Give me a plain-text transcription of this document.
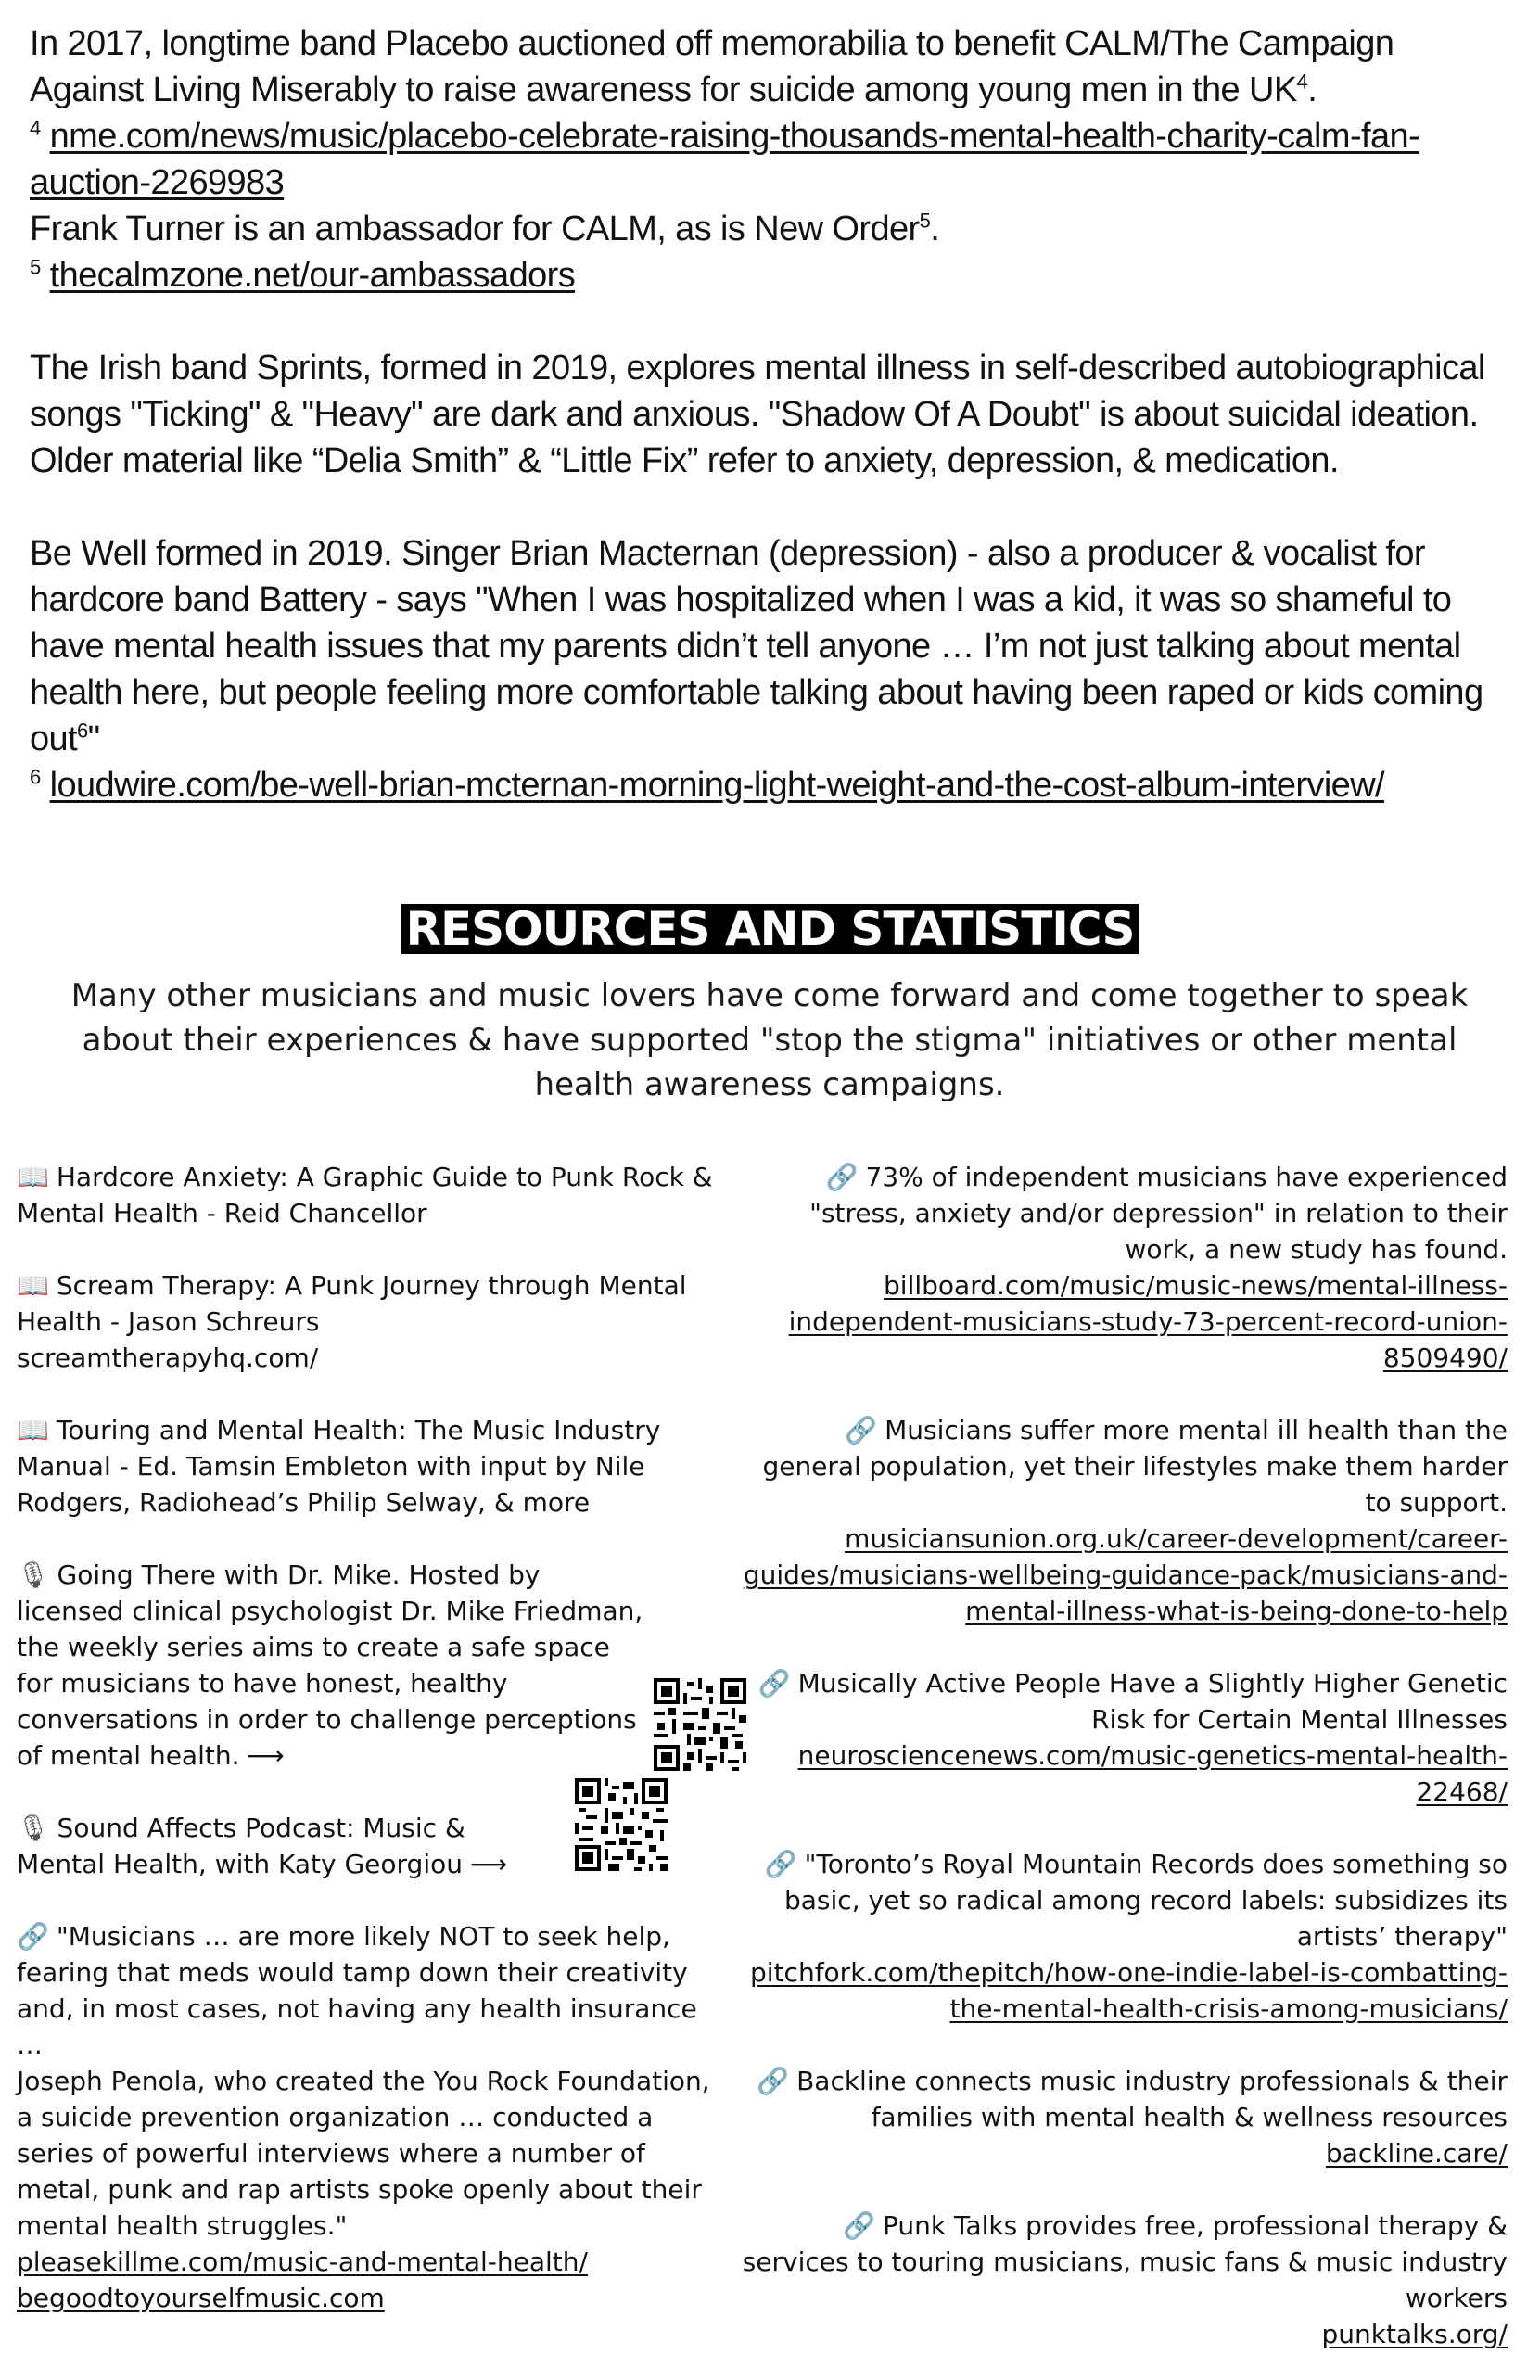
In 2017, longtime band Placebo auctioned off memorabilia to benefit CALM/The Campaign Against Living Miserably to raise awareness for suicide among young men in the $UK^4$.

$^4$ nme.com/news/music/placebo-celebrate-raising-thousands-mental-health-charity-calm-fan-auction-2269983

Frank Turner is an ambassador for CALM, as is New Order$^5$.

$^5$ thecalmzone.net/our-ambassadors

The Irish band Sprints, formed in 2019, explores mental illness in self-described autobiographical songs "Ticking" & "Heavy" are dark and anxious. "Shadow Of A Doubt" is about suicidal ideation. Older material like “Delia Smith” & “Little Fix” refer to anxiety, depression, & medication.

Be Well formed in 2019. Singer Brian Macternan (depression) - also a producer & vocalist for hardcore band Battery - says "When I was hospitalized when I was a kid, it was so shameful to have mental health issues that my parents didn’t tell anyone … I’m not just talking about mental health here, but people feeling more comfortable talking about having been raped or kids coming out$^6$"

$^6$ loudwire.com/be-well-brian-mcternan-morning-light-weight-and-the-cost-album-interview/

RESOURCES AND STATISTICS
Many other musicians and music lovers have come forward and come together to speak about their experiences & have supported "stop the stigma" initiatives or other mental health awareness campaigns.

📖 Hardcore Anxiety: A Graphic Guide to Punk Rock & Mental Health - Reid Chancellor

📖 Scream Therapy: A Punk Journey through Mental Health - Jason Schreurs
screamtherapyhq.com/

📖 Touring and Mental Health: The Music Industry Manual - Ed. Tamsin Embleton with input by Nile Rodgers, Radiohead’s Philip Selway, & more

🎙 Going There with Dr. Mike. Hosted by licensed clinical psychologist Dr. Mike Friedman, the weekly series aims to create a safe space for musicians to have honest, healthy conversations in order to challenge perceptions of mental health. ⟶

🎙 Sound Affects Podcast: Music & Mental Health, with Katy Georgiou ⟶

🔗 "Musicians … are more likely NOT to seek help, fearing that meds would tamp down their creativity and, in most cases, not having any health insurance …

Joseph Penola, who created the You Rock Foundation, a suicide prevention organization … conducted a series of powerful interviews where a number of metal, punk and rap artists spoke openly about their mental health struggles."

pleasekillme.com/music-and-mental-health/

begoodtoyourselfmusic.com

🔗 73% of independent musicians have experienced "stress, anxiety and/or depression" in relation to their work, a new study has found.

billboard.com/music/music-news/mental-illness-independent-musicians-study-73-percent-record-union-8509490/

🔗 Musicians suffer more mental ill health than the general population, yet their lifestyles make them harder to support.

musiciansunion.org.uk/career-development/career-guides/musicians-wellbeing-guidance-pack/musicians-and-mental-illness-what-is-being-done-to-help

🔗 Musically Active People Have a Slightly Higher Genetic Risk for Certain Mental Illnesses

neurosciencenews.com/music-genetics-mental-health-22468/

🔗 "Toronto’s Royal Mountain Records does something so basic, yet so radical among record labels: subsidizes its artists’ therapy"

pitchfork.com/thepitch/how-one-indie-label-is-combatting-the-mental-health-crisis-among-musicians/

🔗 Backline connects music industry professionals & their families with mental health & wellness resources

backline.care/

🔗 Punk Talks provides free, professional therapy & services to touring musicians, music fans & music industry workers

punktalks.org/
